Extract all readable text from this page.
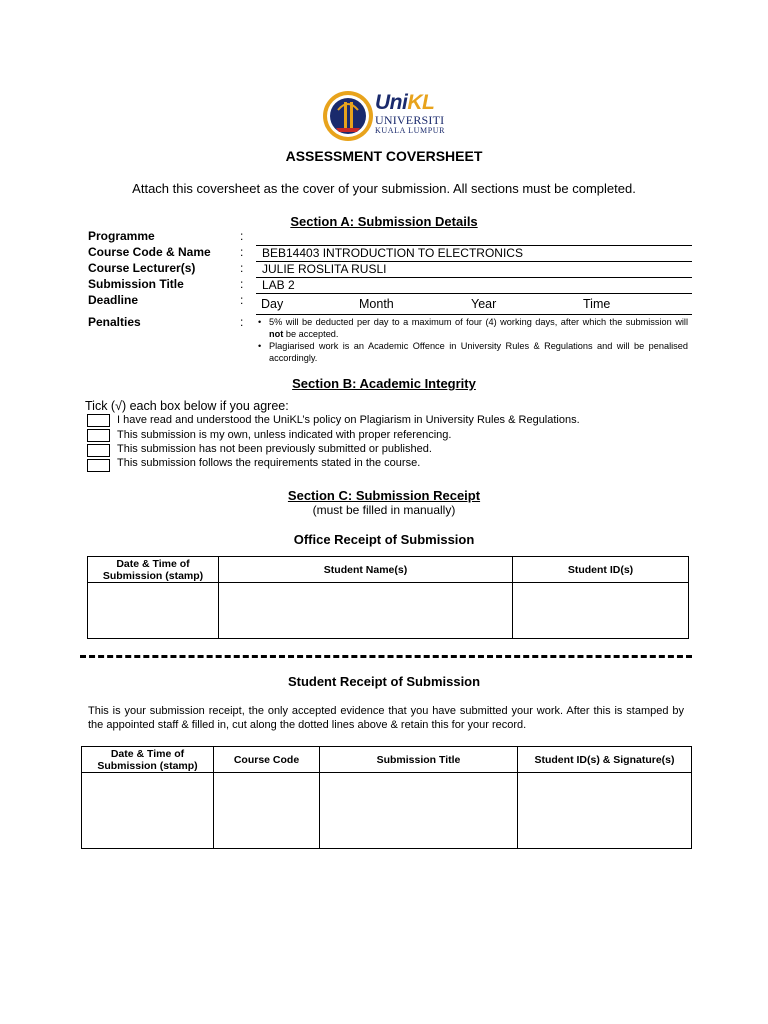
UniKL
UNIVERSITI
KUALA LUMPUR
ASSESSMENT COVERSHEET
Attach this coversheet as the cover of your submission. All sections must be completed.
Section A: Submission Details
Programme	:
Course Code & Name : BEB14403 INTRODUCTION TO ELECTRONICS
Course Lecturer(s)	: JULIE ROSLITA RUSLI
Submission Title	: LAB 2
Deadline	: Day	Month	Year	Time
Penalties	:	• 5% will be deducted per day to a maximum of four (4) working days, after which the submission will not be accepted.
• Plagiarised work is an Academic Offence in University Rules & Regulations and will be penalised accordingly.
Section B: Academic Integrity
Tick (√) each box below if you agree:
I have read and understood the UniKL’s policy on Plagiarism in University Rules & Regulations.
This submission is my own, unless indicated with proper referencing.
This submission has not been previously submitted or published.
This submission follows the requirements stated in the course.
Section C: Submission Receipt
(must be filled in manually)
Office Receipt of Submission
Date & Time of Submission (stamp)	Student Name(s)	Student ID(s)

Student Receipt of Submission
This is your submission receipt, the only accepted evidence that you have submitted your work. After this is stamped by the appointed staff & filled in, cut along the dotted lines above & retain this for your record.
Date & Time of Submission (stamp)	Course Code	Submission Title	Student ID(s) & Signature(s)
